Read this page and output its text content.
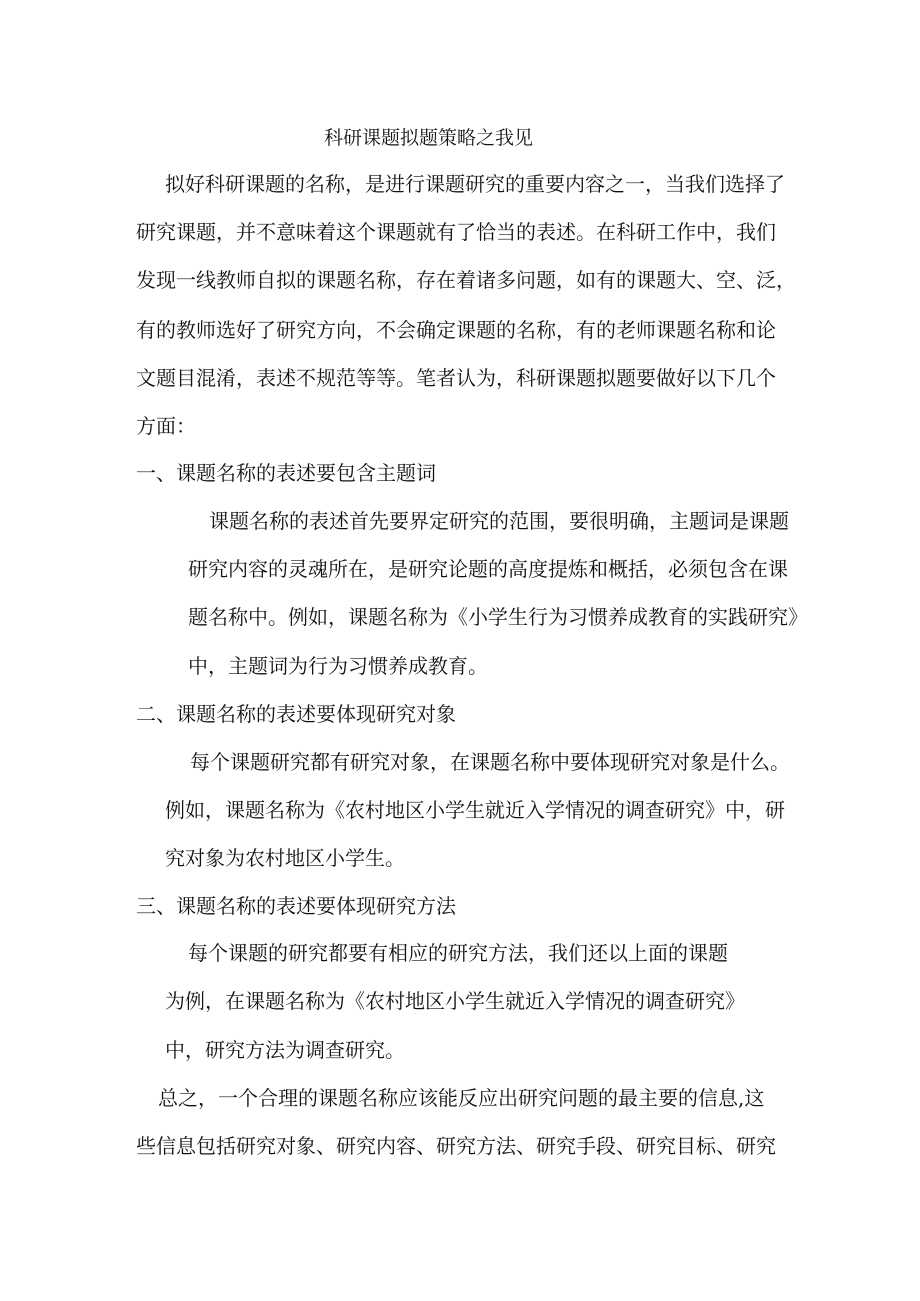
科研课题拟题策略之我见
拟好科研课题的名称，是进行课题研究的重要内容之一，当我们选择了
研究课题，并不意味着这个课题就有了恰当的表述。在科研工作中，我们
发现一线教师自拟的课题名称，存在着诸多问题，如有的课题大、空、泛，
有的教师选好了研究方向，不会确定课题的名称，有的老师课题名称和论
文题目混淆，表述不规范等等。笔者认为，科研课题拟题要做好以下几个
方面：
一、课题名称的表述要包含主题词
课题名称的表述首先要界定研究的范围，要很明确，主题词是课题
研究内容的灵魂所在，是研究论题的高度提炼和概括，必须包含在课
题名称中。例如，课题名称为《小学生行为习惯养成教育的实践研究》
中，主题词为行为习惯养成教育。
二、课题名称的表述要体现研究对象
每个课题研究都有研究对象，在课题名称中要体现研究对象是什么。
例如，课题名称为《农村地区小学生就近入学情况的调查研究》中，研
究对象为农村地区小学生。
三、课题名称的表述要体现研究方法
每个课题的研究都要有相应的研究方法，我们还以上面的课题
为例，在课题名称为《农村地区小学生就近入学情况的调查研究》
中，研究方法为调查研究。
总之，一个合理的课题名称应该能反应出研究问题的最主要的信息,这
些信息包括研究对象、研究内容、研究方法、研究手段、研究目标、研究
